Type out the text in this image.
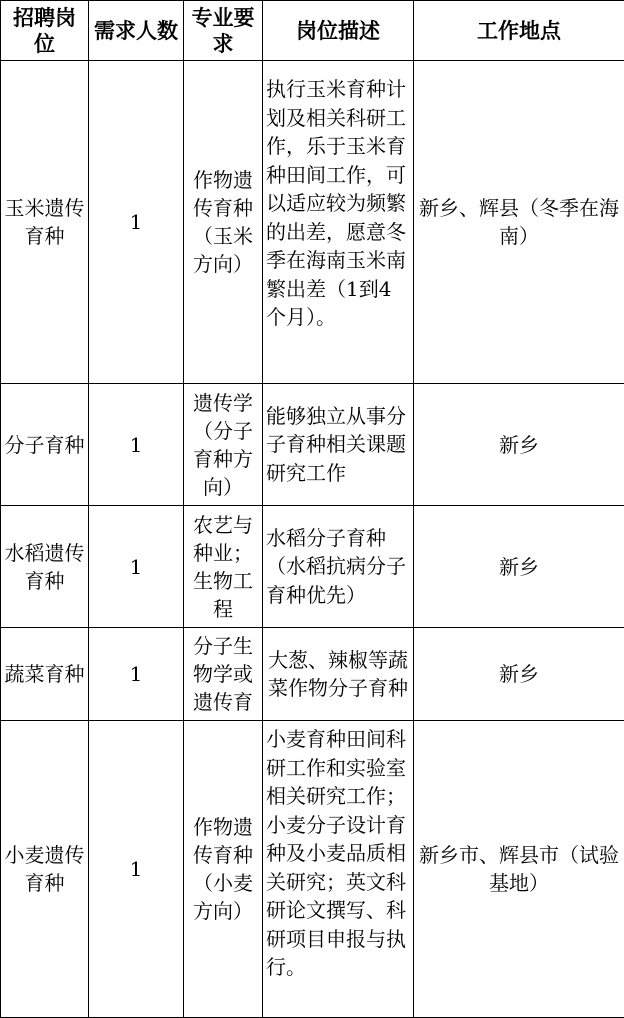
招聘岗位	需求人数	专业要求	岗位描述	工作地点
玉米遗传育种	1	作物遗传育种（玉米方向）	执行玉米育种计划及相关科研工作，乐于玉米育种田间工作，可以适应较为频繁的出差，愿意冬季在海南玉米南繁出差（1到4个月）。	新乡、辉县（冬季在海南）
分子育种	1	遗传学（分子育种方向）	能够独立从事分子育种相关课题研究工作	新乡
水稻遗传育种	1	农艺与种业；生物工程	水稻分子育种（水稻抗病分子育种优先）	新乡
蔬菜育种	1	分子生物学或遗传育	大葱、辣椒等蔬菜作物分子育种	新乡
小麦遗传育种	1	作物遗传育种（小麦方向）	小麦育种田间科研工作和实验室相关研究工作；小麦分子设计育种及小麦品质相关研究；英文科研论文撰写、科研项目申报与执行。	新乡市、辉县市（试验基地）
